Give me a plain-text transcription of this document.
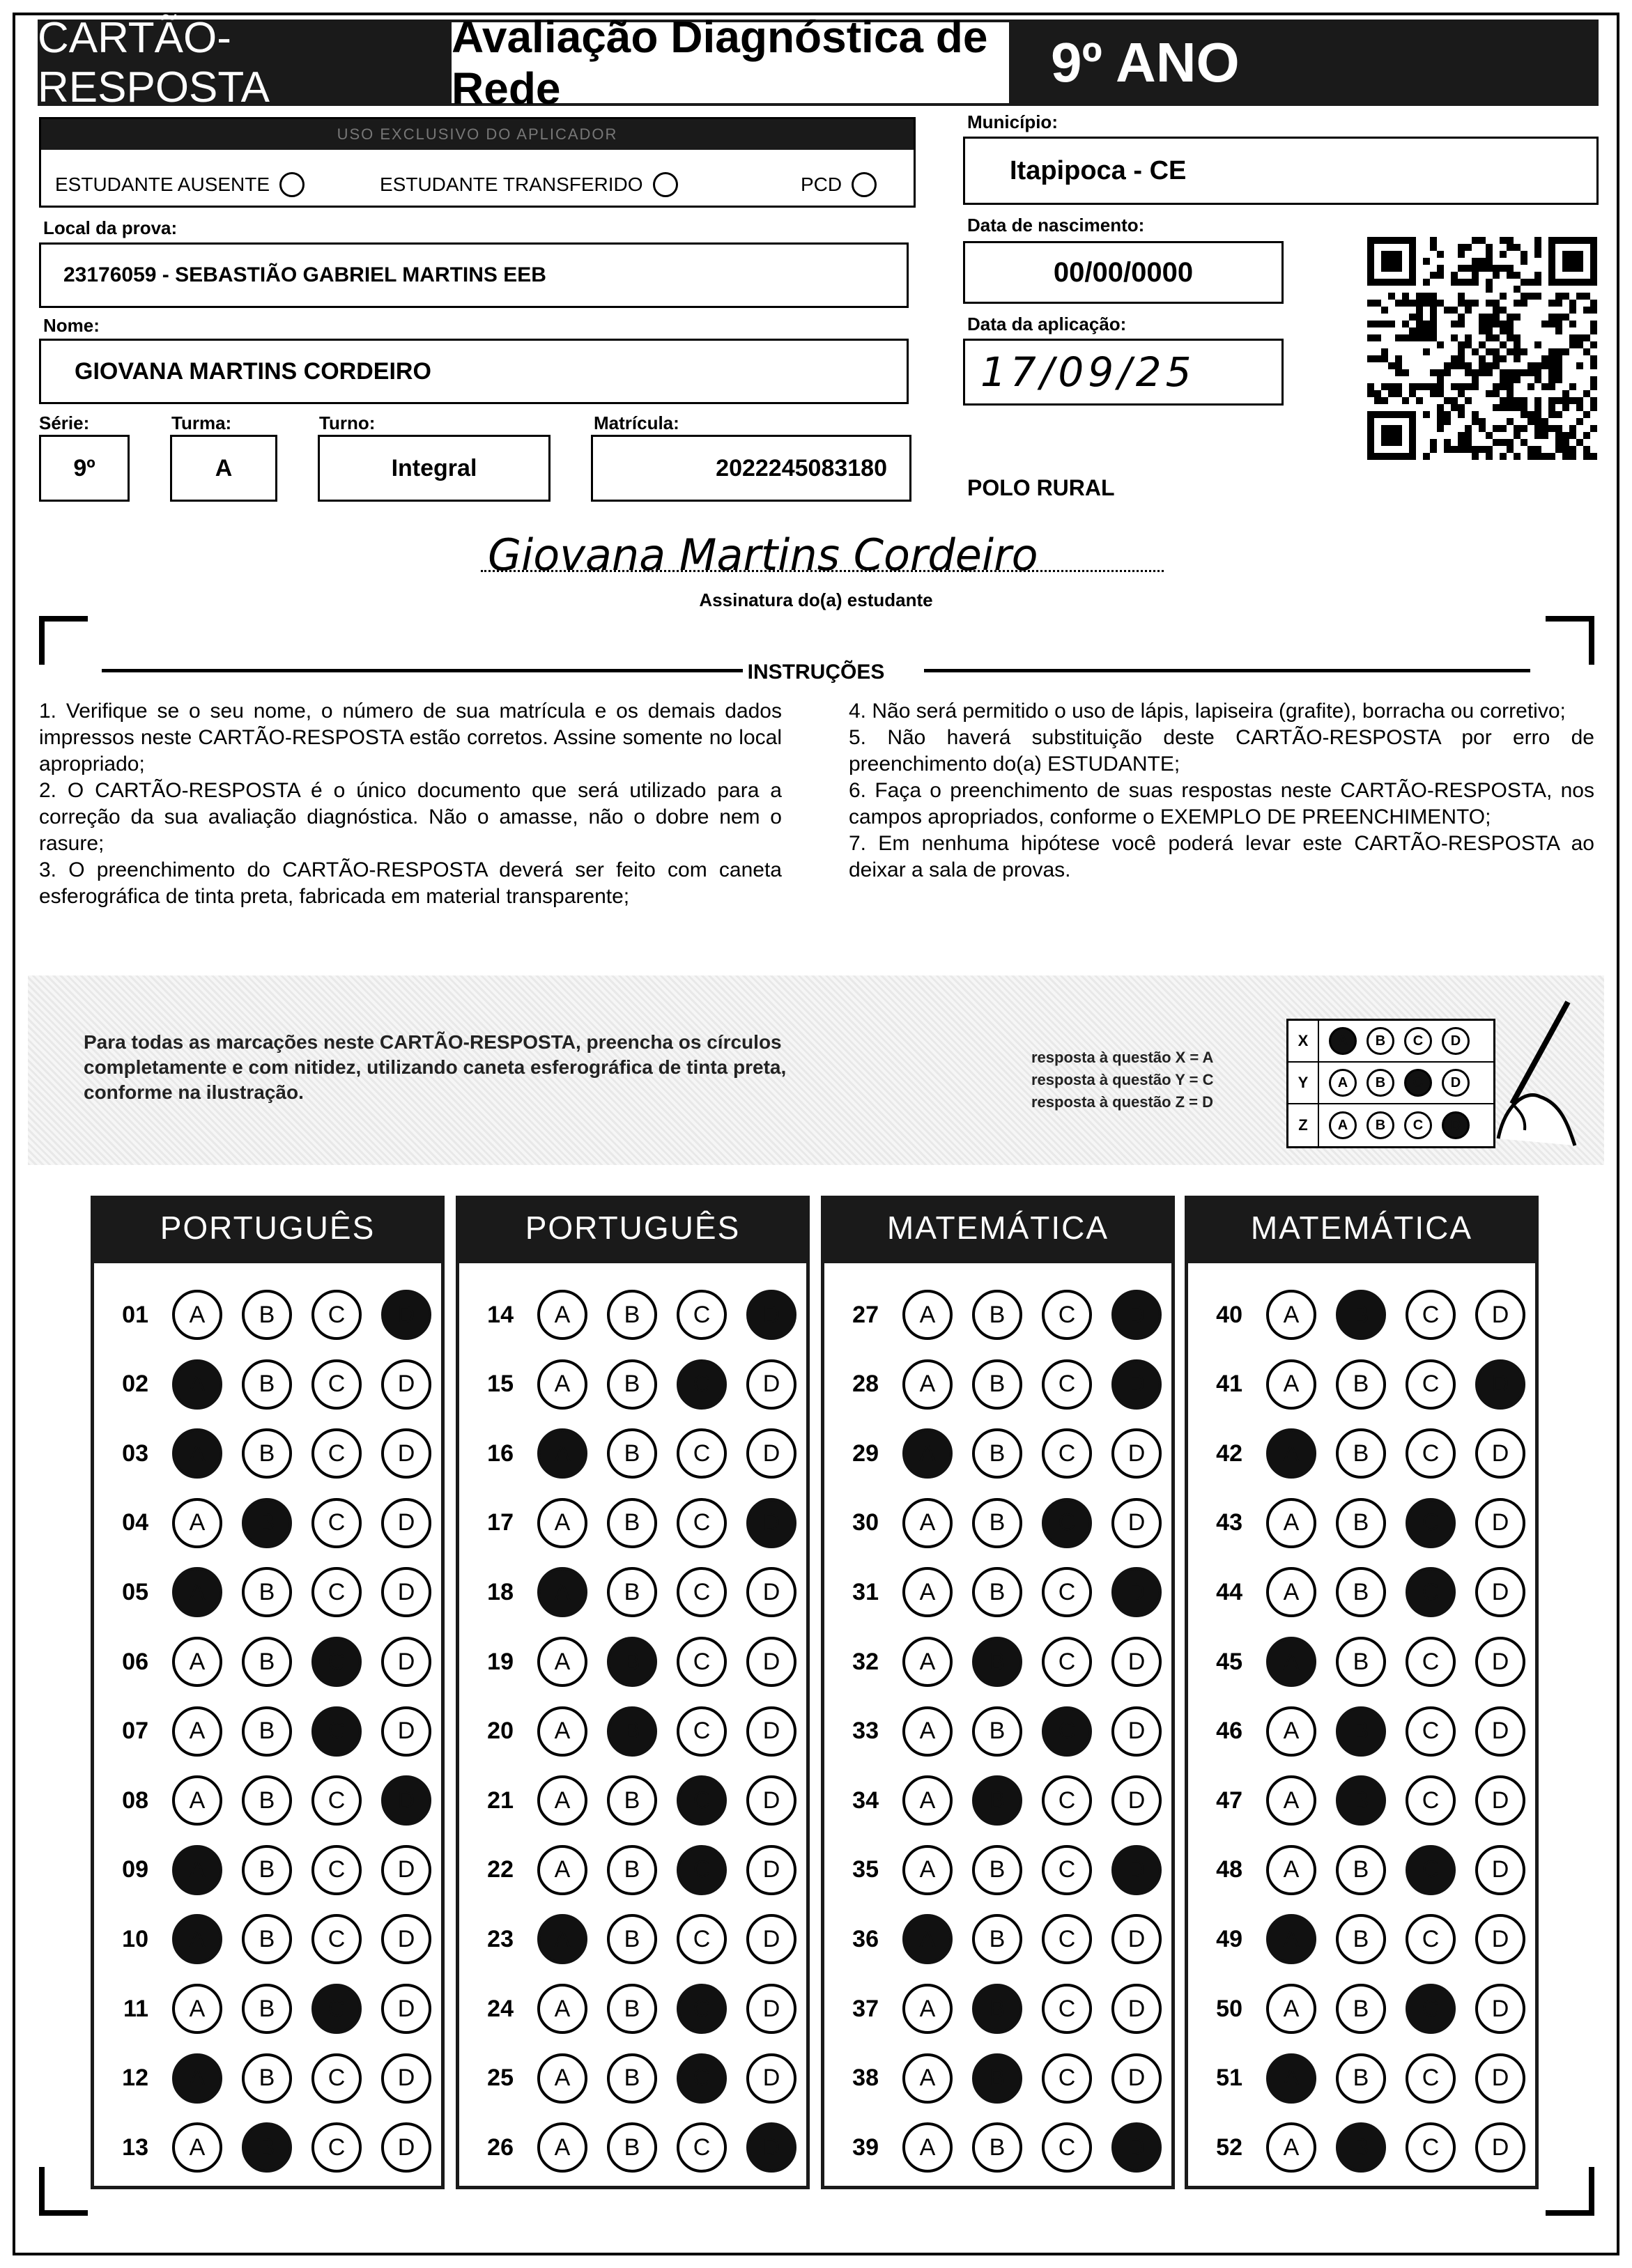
CARTÃO-RESPOSTA
Avaliação Diagnóstica de Rede	9º ANO
USO EXCLUSIVO DO APLICADOR
ESTUDANTE AUSENTE	ESTUDANTE TRANSFERIDO	PCD
Local da prova:
23176059 - SEBASTIÃO GABRIEL MARTINS EEB
Nome:
GIOVANA MARTINS CORDEIRO
Série:
9º
Turma:
A
Turno:
Integral
Matrícula:
2022245083180
Município:
Itapipoca - CE
Data de nascimento:
00/00/0000
Data da aplicação:
17/09/25
POLO RURAL
Giovana Martins Cordeiro
Assinatura do(a) estudante
INSTRUÇÕES

1. Verifique se o seu nome, o número de sua matrícula e os demais dados impressos neste CARTÃO-RESPOSTA estão corretos. Assine somente no local apropriado;

2. O CARTÃO-RESPOSTA é o único documento que será utilizado para a correção da sua avaliação diagnóstica. Não o amasse, não o dobre nem o rasure;

3. O preenchimento do CARTÃO-RESPOSTA deverá ser feito com caneta esferográfica de tinta preta, fabricada em material transparente;

4. Não será permitido o uso de lápis, lapiseira (grafite), borracha ou corretivo;

5. Não haverá substituição deste CARTÃO-RESPOSTA por erro de preenchimento do(a) ESTUDANTE;

6. Faça o preenchimento de suas respostas neste CARTÃO-RESPOSTA, nos campos apropriados, conforme o EXEMPLO DE PREENCHIMENTO;

7. Em nenhuma hipótese você poderá levar este CARTÃO-RESPOSTA ao deixar a sala de provas.

Para todas as marcações neste CARTÃO-RESPOSTA, preencha os círculos completamente e com nitidez, utilizando caneta esferográfica de tinta preta, conforme na ilustração.
resposta à questão X = A
resposta à questão Y = C
resposta à questão Z = D
X	A	B	C	D
Y	A	B	C	D
Z	A	B	C	D
PORTUGUÊS
01	A	B	C	D
02	A	B	C	D
03	A	B	C	D
04	A	B	C	D
05	A	B	C	D
06	A	B	C	D
07	A	B	C	D
08	A	B	C	D
09	A	B	C	D
10	A	B	C	D
11	A	B	C	D
12	A	B	C	D
13	A	B	C	D
PORTUGUÊS
14	A	B	C	D
15	A	B	C	D
16	A	B	C	D
17	A	B	C	D
18	A	B	C	D
19	A	B	C	D
20	A	B	C	D
21	A	B	C	D
22	A	B	C	D
23	A	B	C	D
24	A	B	C	D
25	A	B	C	D
26	A	B	C	D
MATEMÁTICA
27	A	B	C	D
28	A	B	C	D
29	A	B	C	D
30	A	B	C	D
31	A	B	C	D
32	A	B	C	D
33	A	B	C	D
34	A	B	C	D
35	A	B	C	D
36	A	B	C	D
37	A	B	C	D
38	A	B	C	D
39	A	B	C	D
MATEMÁTICA
40	A	B	C	D
41	A	B	C	D
42	A	B	C	D
43	A	B	C	D
44	A	B	C	D
45	A	B	C	D
46	A	B	C	D
47	A	B	C	D
48	A	B	C	D
49	A	B	C	D
50	A	B	C	D
51	A	B	C	D
52	A	B	C	D
